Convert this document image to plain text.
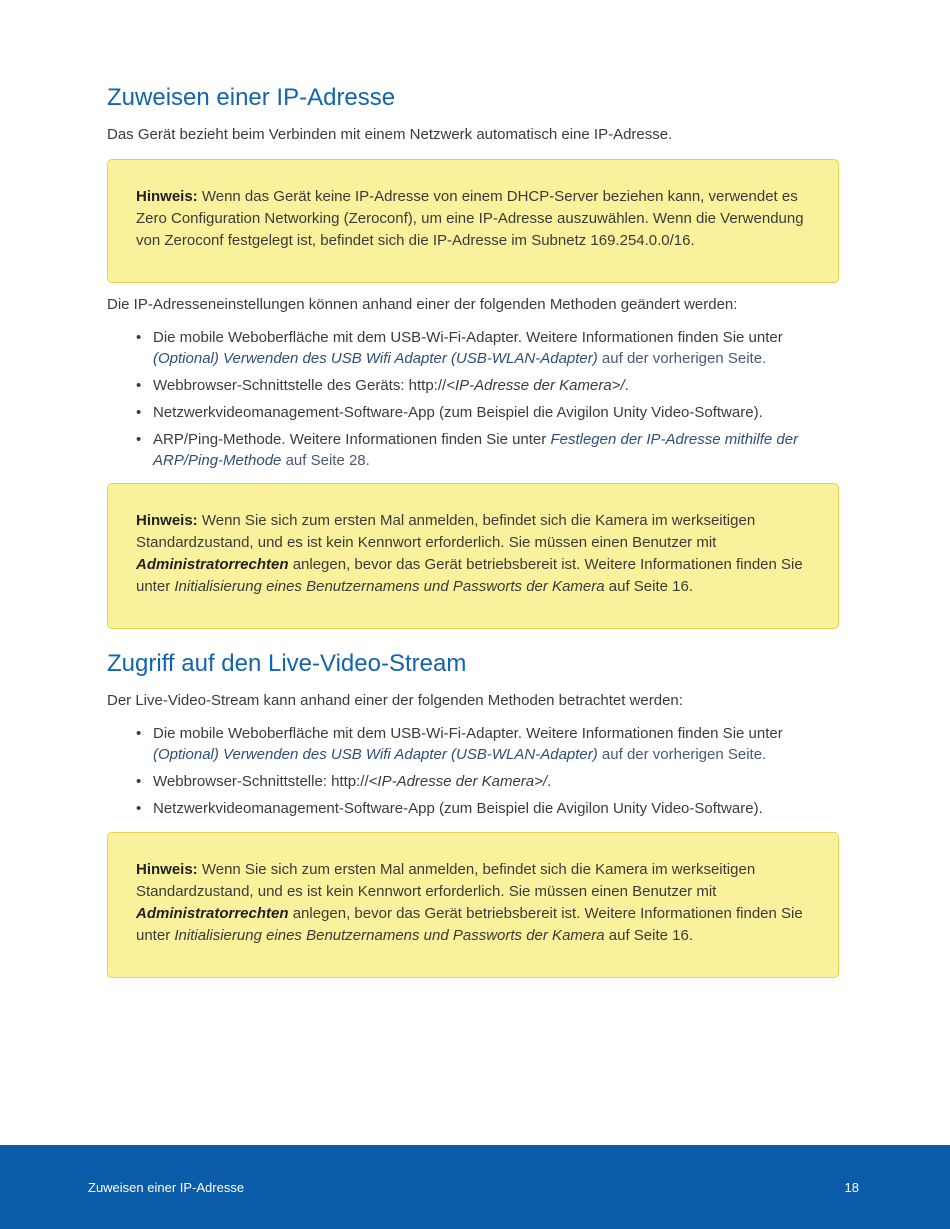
Zuweisen einer IP-Adresse

Das Gerät bezieht beim Verbinden mit einem Netzwerk automatisch eine IP-Adresse.

Hinweis: Wenn das Gerät keine IP-Adresse von einem DHCP-Server beziehen kann, verwendet es Zero Configuration Networking (Zeroconf), um eine IP-Adresse auszuwählen. Wenn die Verwendung von Zeroconf festgelegt ist, befindet sich die IP-Adresse im Subnetz 169.254.0.0/16.

Die IP-Adresseneinstellungen können anhand einer der folgenden Methoden geändert werden:

• Die mobile Weboberfläche mit dem USB-Wi-Fi-Adapter. Weitere Informationen finden Sie unter (Optional) Verwenden des USB Wifi Adapter (USB-WLAN-Adapter) auf der vorherigen Seite.
• Webbrowser-Schnittstelle des Geräts: http://<IP-Adresse der Kamera>/.
• Netzwerkvideomanagement-Software-App (zum Beispiel die Avigilon Unity Video-Software).
• ARP/Ping-Methode. Weitere Informationen finden Sie unter Festlegen der IP-Adresse mithilfe der ARP/Ping-Methode auf Seite 28.
Hinweis: Wenn Sie sich zum ersten Mal anmelden, befindet sich die Kamera im werkseitigen Standardzustand, und es ist kein Kennwort erforderlich. Sie müssen einen Benutzer mit Administratorrechten anlegen, bevor das Gerät betriebsbereit ist. Weitere Informationen finden Sie unter Initialisierung eines Benutzernamens und Passworts der Kamera auf Seite 16.
Zugriff auf den Live-Video-Stream

Der Live-Video-Stream kann anhand einer der folgenden Methoden betrachtet werden:

• Die mobile Weboberfläche mit dem USB-Wi-Fi-Adapter. Weitere Informationen finden Sie unter (Optional) Verwenden des USB Wifi Adapter (USB-WLAN-Adapter) auf der vorherigen Seite.
• Webbrowser-Schnittstelle: http://<IP-Adresse der Kamera>/.
• Netzwerkvideomanagement-Software-App (zum Beispiel die Avigilon Unity Video-Software).
Hinweis: Wenn Sie sich zum ersten Mal anmelden, befindet sich die Kamera im werkseitigen Standardzustand, und es ist kein Kennwort erforderlich. Sie müssen einen Benutzer mit Administratorrechten anlegen, bevor das Gerät betriebsbereit ist. Weitere Informationen finden Sie unter Initialisierung eines Benutzernamens und Passworts der Kamera auf Seite 16.
Zuweisen einer IP-Adresse	18
